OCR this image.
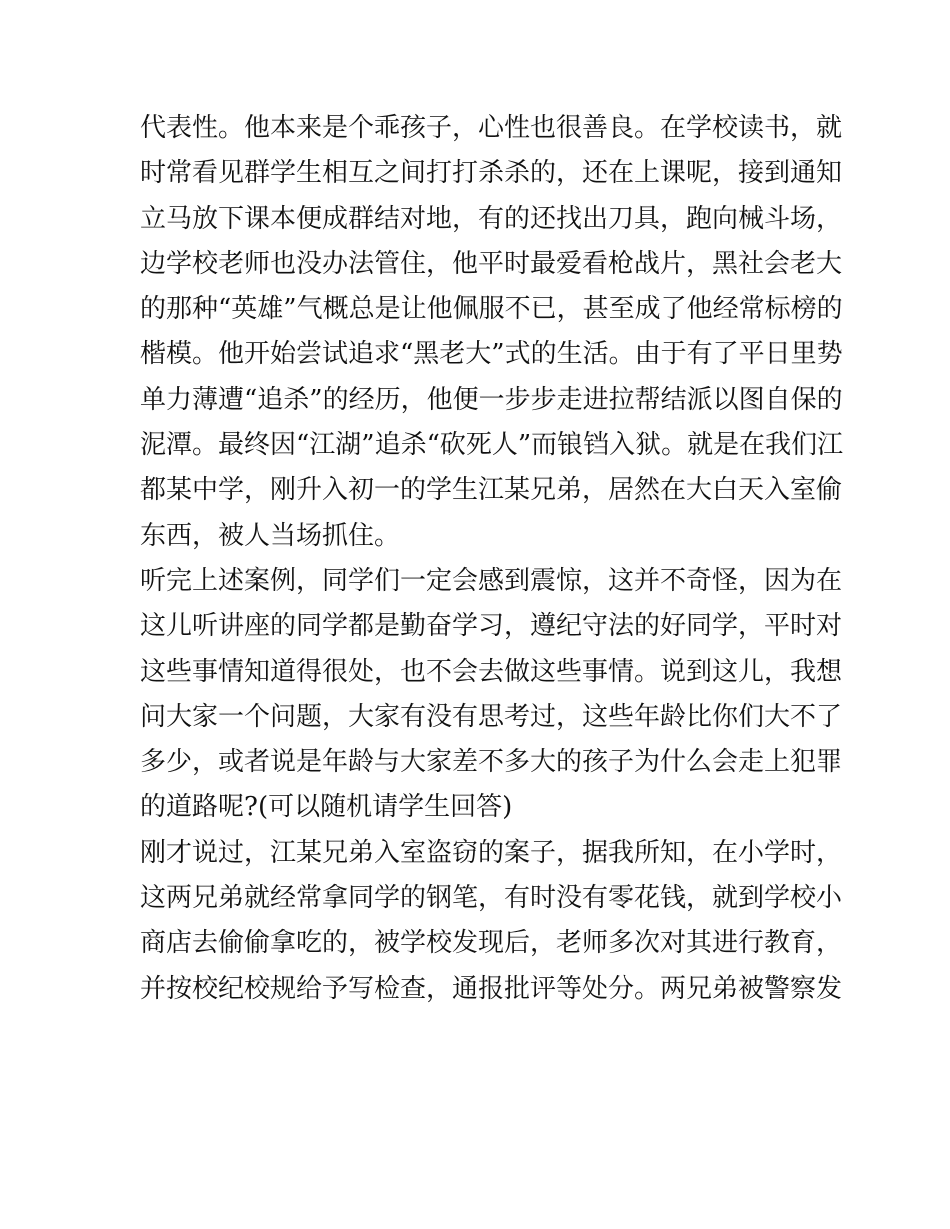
代表性。他本来是个乖孩子，心性也很善良。在学校读书，就
时常看见群学生相互之间打打杀杀的，还在上课呢，接到通知
立马放下课本便成群结对地，有的还找出刀具，跑向械斗场，
边学校老师也没办法管住，他平时最爱看枪战片，黑社会老大
的那种“英雄”气概总是让他佩服不已，甚至成了他经常标榜的
楷模。他开始尝试追求“黑老大”式的生活。由于有了平日里势
单力薄遭“追杀”的经历，他便一步步走进拉帮结派以图自保的
泥潭。最终因“江湖”追杀“砍死人”而锒铛入狱。就是在我们江
都某中学，刚升入初一的学生江某兄弟，居然在大白天入室偷
东西，被人当场抓住。
听完上述案例，同学们一定会感到震惊，这并不奇怪，因为在
这儿听讲座的同学都是勤奋学习，遵纪守法的好同学，平时对
这些事情知道得很处，也不会去做这些事情。说到这儿，我想
问大家一个问题，大家有没有思考过，这些年龄比你们大不了
多少，或者说是年龄与大家差不多大的孩子为什么会走上犯罪
的道路呢?(可以随机请学生回答)
刚才说过，江某兄弟入室盗窃的案子，据我所知，在小学时，
这两兄弟就经常拿同学的钢笔，有时没有零花钱，就到学校小
商店去偷偷拿吃的，被学校发现后，老师多次对其进行教育，
并按校纪校规给予写检查，通报批评等处分。两兄弟被警察发
